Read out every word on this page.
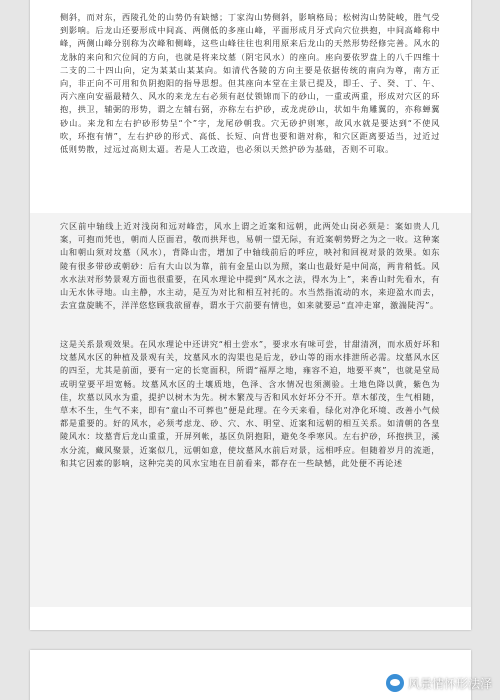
侧斜，而对东，西陵孔处的山势仍有缺憾；丁家沟山势侧斜，影响格局；松树沟山势陡峻，胜气受到影响。后龙山还要形成中间高、两侧低的多座山峰，平面形成月牙式向穴位拱抱，中间高峰称中峰，两侧山峰分别称为次峰和侧峰，这些山峰往往也利用原来后龙山的天然形势经修完善。风水的龙脉的来向和穴位间的方向，也就是将来坟墓（阴宅风水）的座向。座向要依罗盘上的八千四维十二支的二十四山向，定为某某山某某向。如清代各陵的方向主要是依据传统的南向为尊，南方正向，非正向不可用和负阴抱阳的指导思想。但其座向本堂在主景已提及，即壬、子、癸、丁、午、丙六座向安福最精久、风水的来龙左右必须有赵仗锁锦而下的砂山，一重或两重，形成对穴区的环抱，拱卫，辅弼的形势，谓之左辅右弼，亦称左右护砂，或龙虎砂山，状如牛角雕翼的，亦称蝉翼砂山。来龙和左右护砂形势呈“个”字，龙尾砂朝我。穴无砂护则寒，故风水就是要达到“不使风吹，环抱有情”，左右护砂的形式、高低、长短、向背也要和谐对称，和穴区距离要适当，过近过低则势散，过远过高则太逼。若是人工改造，也必须以天然护砂为基础，否则不可取。

穴区前中轴线上近对浅岗和远对峰峦，风水上谓之近案和远朝，此两处山岗必须是：案如贵人几案，可抱而凭也，朝而人臣面君，敬而拱拜也，易朝一望无际，有近案朝势野之为之一收。这种案山和朝山须对坟墓（风水），背降山峦，增加了中轴线前后的呼应，映衬和回视对景的效果。如东陵有很多带砂或朝砂：后有大山以为靠，前有金星山以为照，案山也最好是中间高，两肯稍低。风水水法对形势景观方面也很重要，在风水理论中提到“风水之法，得水为上”，来香山时先看水，有山无水休寻地。山主静，水主动，是互为对比和相互衬托的。水当然指流动的水，来迎盈水而去，去宜盘旋眺不，洋洋悠悠顾我欲留春，谓水于穴前要有情也，如来就要忌“直冲走窜，激湍陡泻”。

这是关系景观效果。在风水理论中还讲究“相土尝水”，要求水有味可尝，甘甜清冽，而水质好坏和坟墓风水区的种植及景观有关，坟墓风水的沟渠也是后龙，砂山等的雨水排泄所必需。坟墓风水区的四至，尤其是前面，要有一定的长宽面积，所谓“福厚之地，雍容不迫，地要平爽”，也就是堂局或明堂要平坦宽畅。坟墓风水区的土壤质地，色泽、含水情况也须测验。土地色降以黄，紫色为佳，坎墓以风水为重，提护以树木为先。树木繁茂与否和风水好坏分不开。草木郁茂，生气相随，草木不生，生气不来，即有“童山不可葬也”便是此理。在今天来看，绿化对净化环境、改善小气候都是重要的。好的风水，必须考虑龙、砂、穴、水、明堂、近案和远朝的相互关系。如清朝的各皇陵风水：坟墓背后龙山重重，开屏列帐，基区负阴抱阳，避免冬季寒风。左右护砂，环抱拱卫，溪水分流，藏风聚景，近案似几，远朝如意，使坟墓风水前后对景，远相呼应。但随着岁月的流逝，和其它因素的影响，这种完美的风水宝地在目前看来，都存在一些缺憾，此处便不再论述

风景情怀形法泽
